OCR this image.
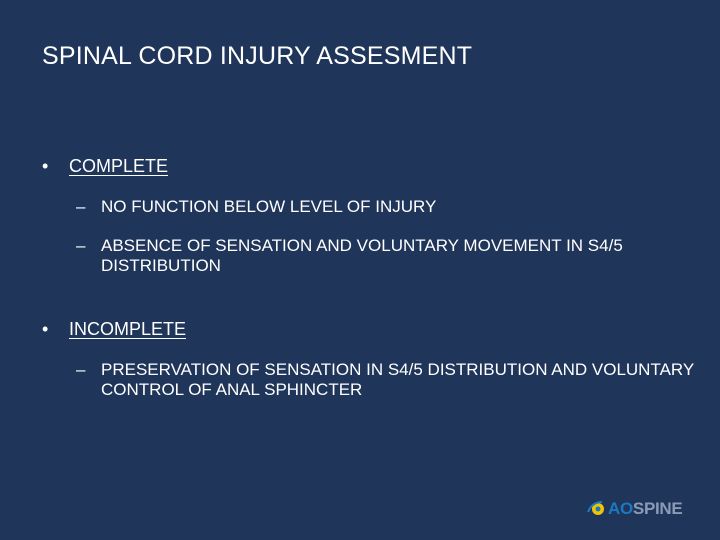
SPINAL CORD INJURY ASSESMENT
•	COMPLETE
– NO FUNCTION BELOW LEVEL OF INJURY
– ABSENCE OF SENSATION AND VOLUNTARY MOVEMENT IN S4/5 DISTRIBUTION
•	INCOMPLETE
– PRESERVATION OF SENSATION IN S4/5 DISTRIBUTION AND VOLUNTARY CONTROL OF ANAL SPHINCTER
AOSPINE
